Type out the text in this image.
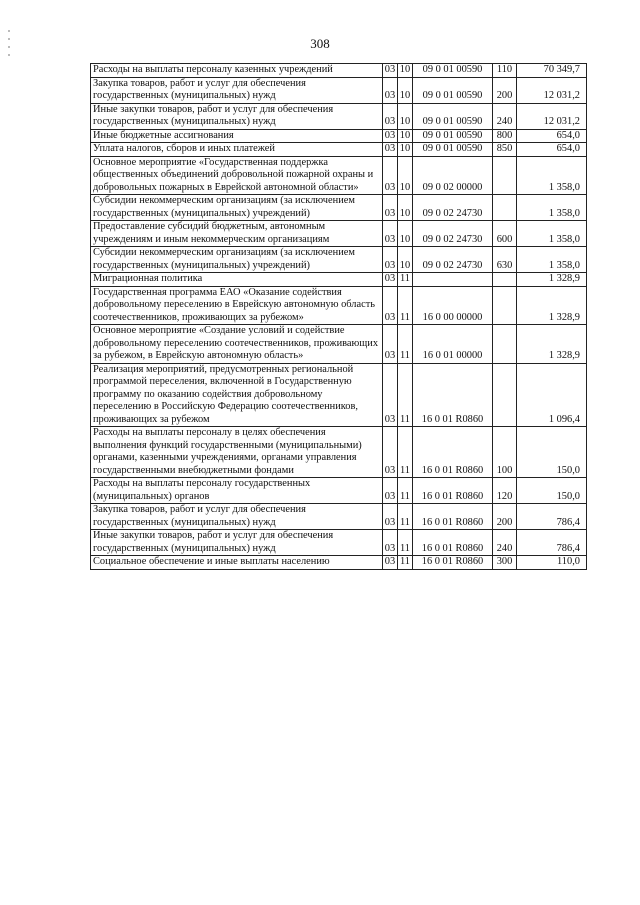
308
Расходы на выплаты персоналу казенных учреждений	03	10	09 0 01 00590	110	70 349,7
Закупка товаров, работ и услуг для обеспечения государственных (муниципальных) нужд	03	10	09 0 01 00590	200	12 031,2
Иные закупки товаров, работ и услуг для обеспечения государственных (муниципальных) нужд	03	10	09 0 01 00590	240	12 031,2
Иные бюджетные ассигнования	03	10	09 0 01 00590	800	654,0
Уплата налогов, сборов и иных платежей	03	10	09 0 01 00590	850	654,0
Основное мероприятие «Государственная поддержка общественных объединений добровольной пожарной охраны и добровольных пожарных в Еврейской автономной области»	03	10	09 0 02 00000		1 358,0
Субсидии некоммерческим организациям (за исключением государственных (муниципальных) учреждений)	03	10	09 0 02 24730		1 358,0
Предоставление субсидий бюджетным, автономным учреждениям и иным некоммерческим организациям	03	10	09 0 02 24730	600	1 358,0
Субсидии некоммерческим организациям (за исключением государственных (муниципальных) учреждений)	03	10	09 0 02 24730	630	1 358,0
Миграционная политика	03	11			1 328,9
Государственная программа ЕАО «Оказание содействия добровольному переселению в Еврейскую автономную область соотечественников, проживающих за рубежом»	03	11	16 0 00 00000		1 328,9
Основное мероприятие «Создание условий и содействие добровольному переселению соотечественников, проживающих за рубежом, в Еврейскую автономную область»	03	11	16 0 01 00000		1 328,9
Реализация мероприятий, предусмотренных региональной программой переселения, включенной в Государственную программу по оказанию содействия добровольному переселению в Российскую Федерацию соотечественников, проживающих за рубежом	03	11	16 0 01 R0860		1 096,4
Расходы на выплаты персоналу в целях обеспечения выполнения функций государственными (муниципальными) органами, казенными учреждениями, органами управления государственными внебюджетными фондами	03	11	16 0 01 R0860	100	150,0
Расходы на выплаты персоналу государственных (муниципальных) органов	03	11	16 0 01 R0860	120	150,0
Закупка товаров, работ и услуг для обеспечения государственных (муниципальных) нужд	03	11	16 0 01 R0860	200	786,4
Иные закупки товаров, работ и услуг для обеспечения государственных (муниципальных) нужд	03	11	16 0 01 R0860	240	786,4
Социальное обеспечение и иные выплаты населению	03	11	16 0 01 R0860	300	110,0
